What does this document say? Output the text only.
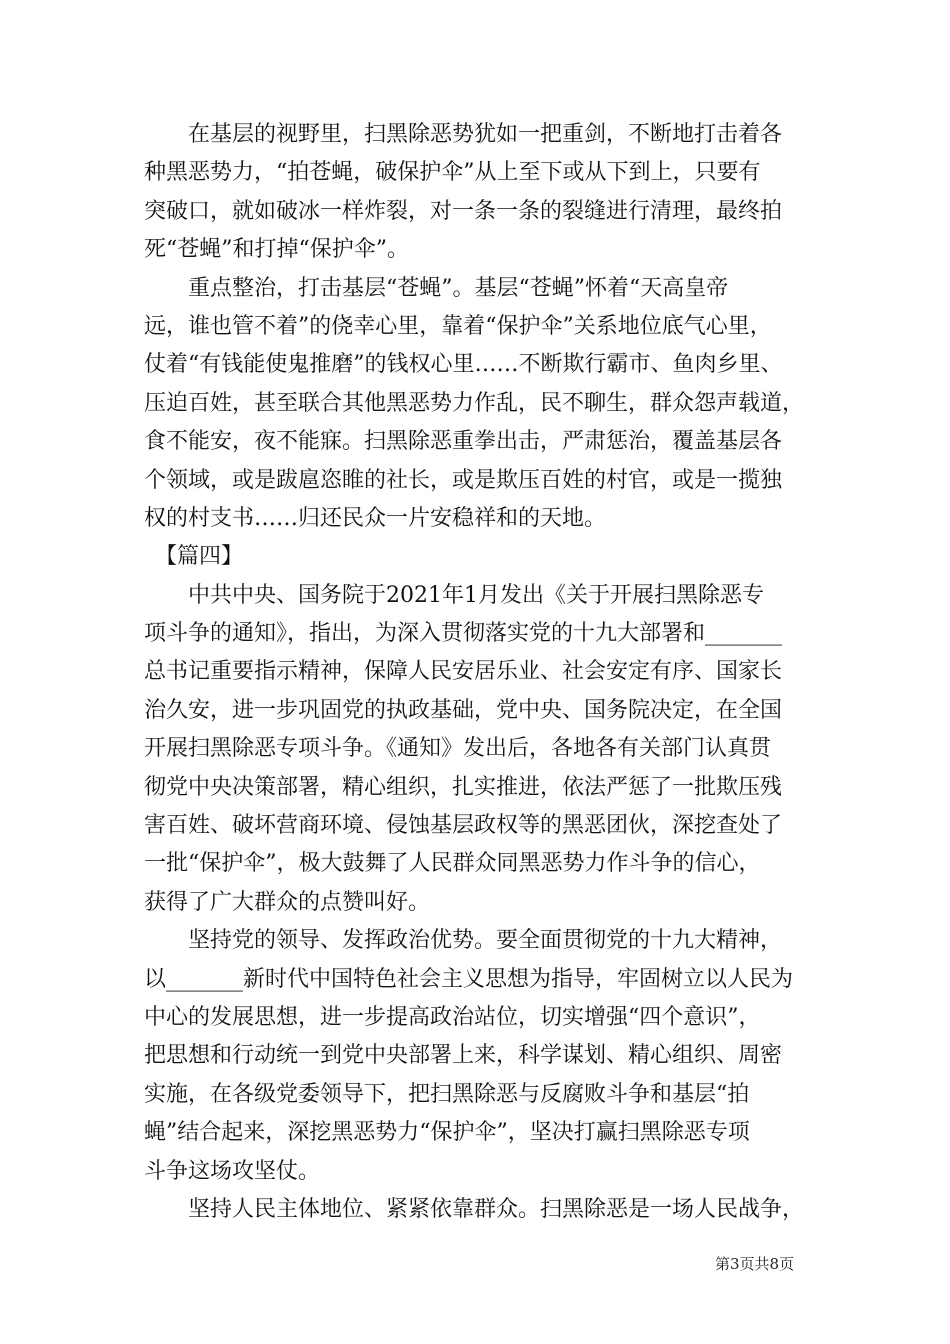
　　在基层的视野里，扫黑除恶势犹如一把重剑，不断地打击着各
种黑恶势力，“拍苍蝇，破保护伞”从上至下或从下到上，只要有
突破口，就如破冰一样炸裂，对一条一条的裂缝进行清理，最终拍
死“苍蝇”和打掉“保护伞”。
　　重点整治，打击基层“苍蝇”。基层“苍蝇”怀着“天高皇帝
远，谁也管不着”的侥幸心里，靠着“保护伞”关系地位底气心里，
仗着“有钱能使鬼推磨”的钱权心里……不断欺行霸市、鱼肉乡里、
压迫百姓，甚至联合其他黑恶势力作乱，民不聊生，群众怨声载道，
食不能安，夜不能寐。扫黑除恶重拳出击，严肃惩治，覆盖基层各
个领域，或是跋扈恣睢的社长，或是欺压百姓的村官，或是一揽独
权的村支书……归还民众一片安稳祥和的天地。
　【篇四】
　　中共中央、国务院于2021年1月发出《关于开展扫黑除恶专
项斗争的通知》，指出，为深入贯彻落实党的十九大部署和_______
总书记重要指示精神，保障人民安居乐业、社会安定有序、国家长
治久安，进一步巩固党的执政基础，党中央、国务院决定，在全国
开展扫黑除恶专项斗争。《通知》发出后，各地各有关部门认真贯
彻党中央决策部署，精心组织，扎实推进，依法严惩了一批欺压残
害百姓、破坏营商环境、侵蚀基层政权等的黑恶团伙，深挖查处了
一批“保护伞”，极大鼓舞了人民群众同黑恶势力作斗争的信心，
获得了广大群众的点赞叫好。
　　坚持党的领导、发挥政治优势。要全面贯彻党的十九大精神，
以_______新时代中国特色社会主义思想为指导，牢固树立以人民为
中心的发展思想，进一步提高政治站位，切实增强“四个意识”，
把思想和行动统一到党中央部署上来，科学谋划、精心组织、周密
实施，在各级党委领导下，把扫黑除恶与反腐败斗争和基层“拍
蝇”结合起来，深挖黑恶势力“保护伞”，坚决打赢扫黑除恶专项
斗争这场攻坚仗。
　　坚持人民主体地位、紧紧依靠群众。扫黑除恶是一场人民战争，
第3页共8页
